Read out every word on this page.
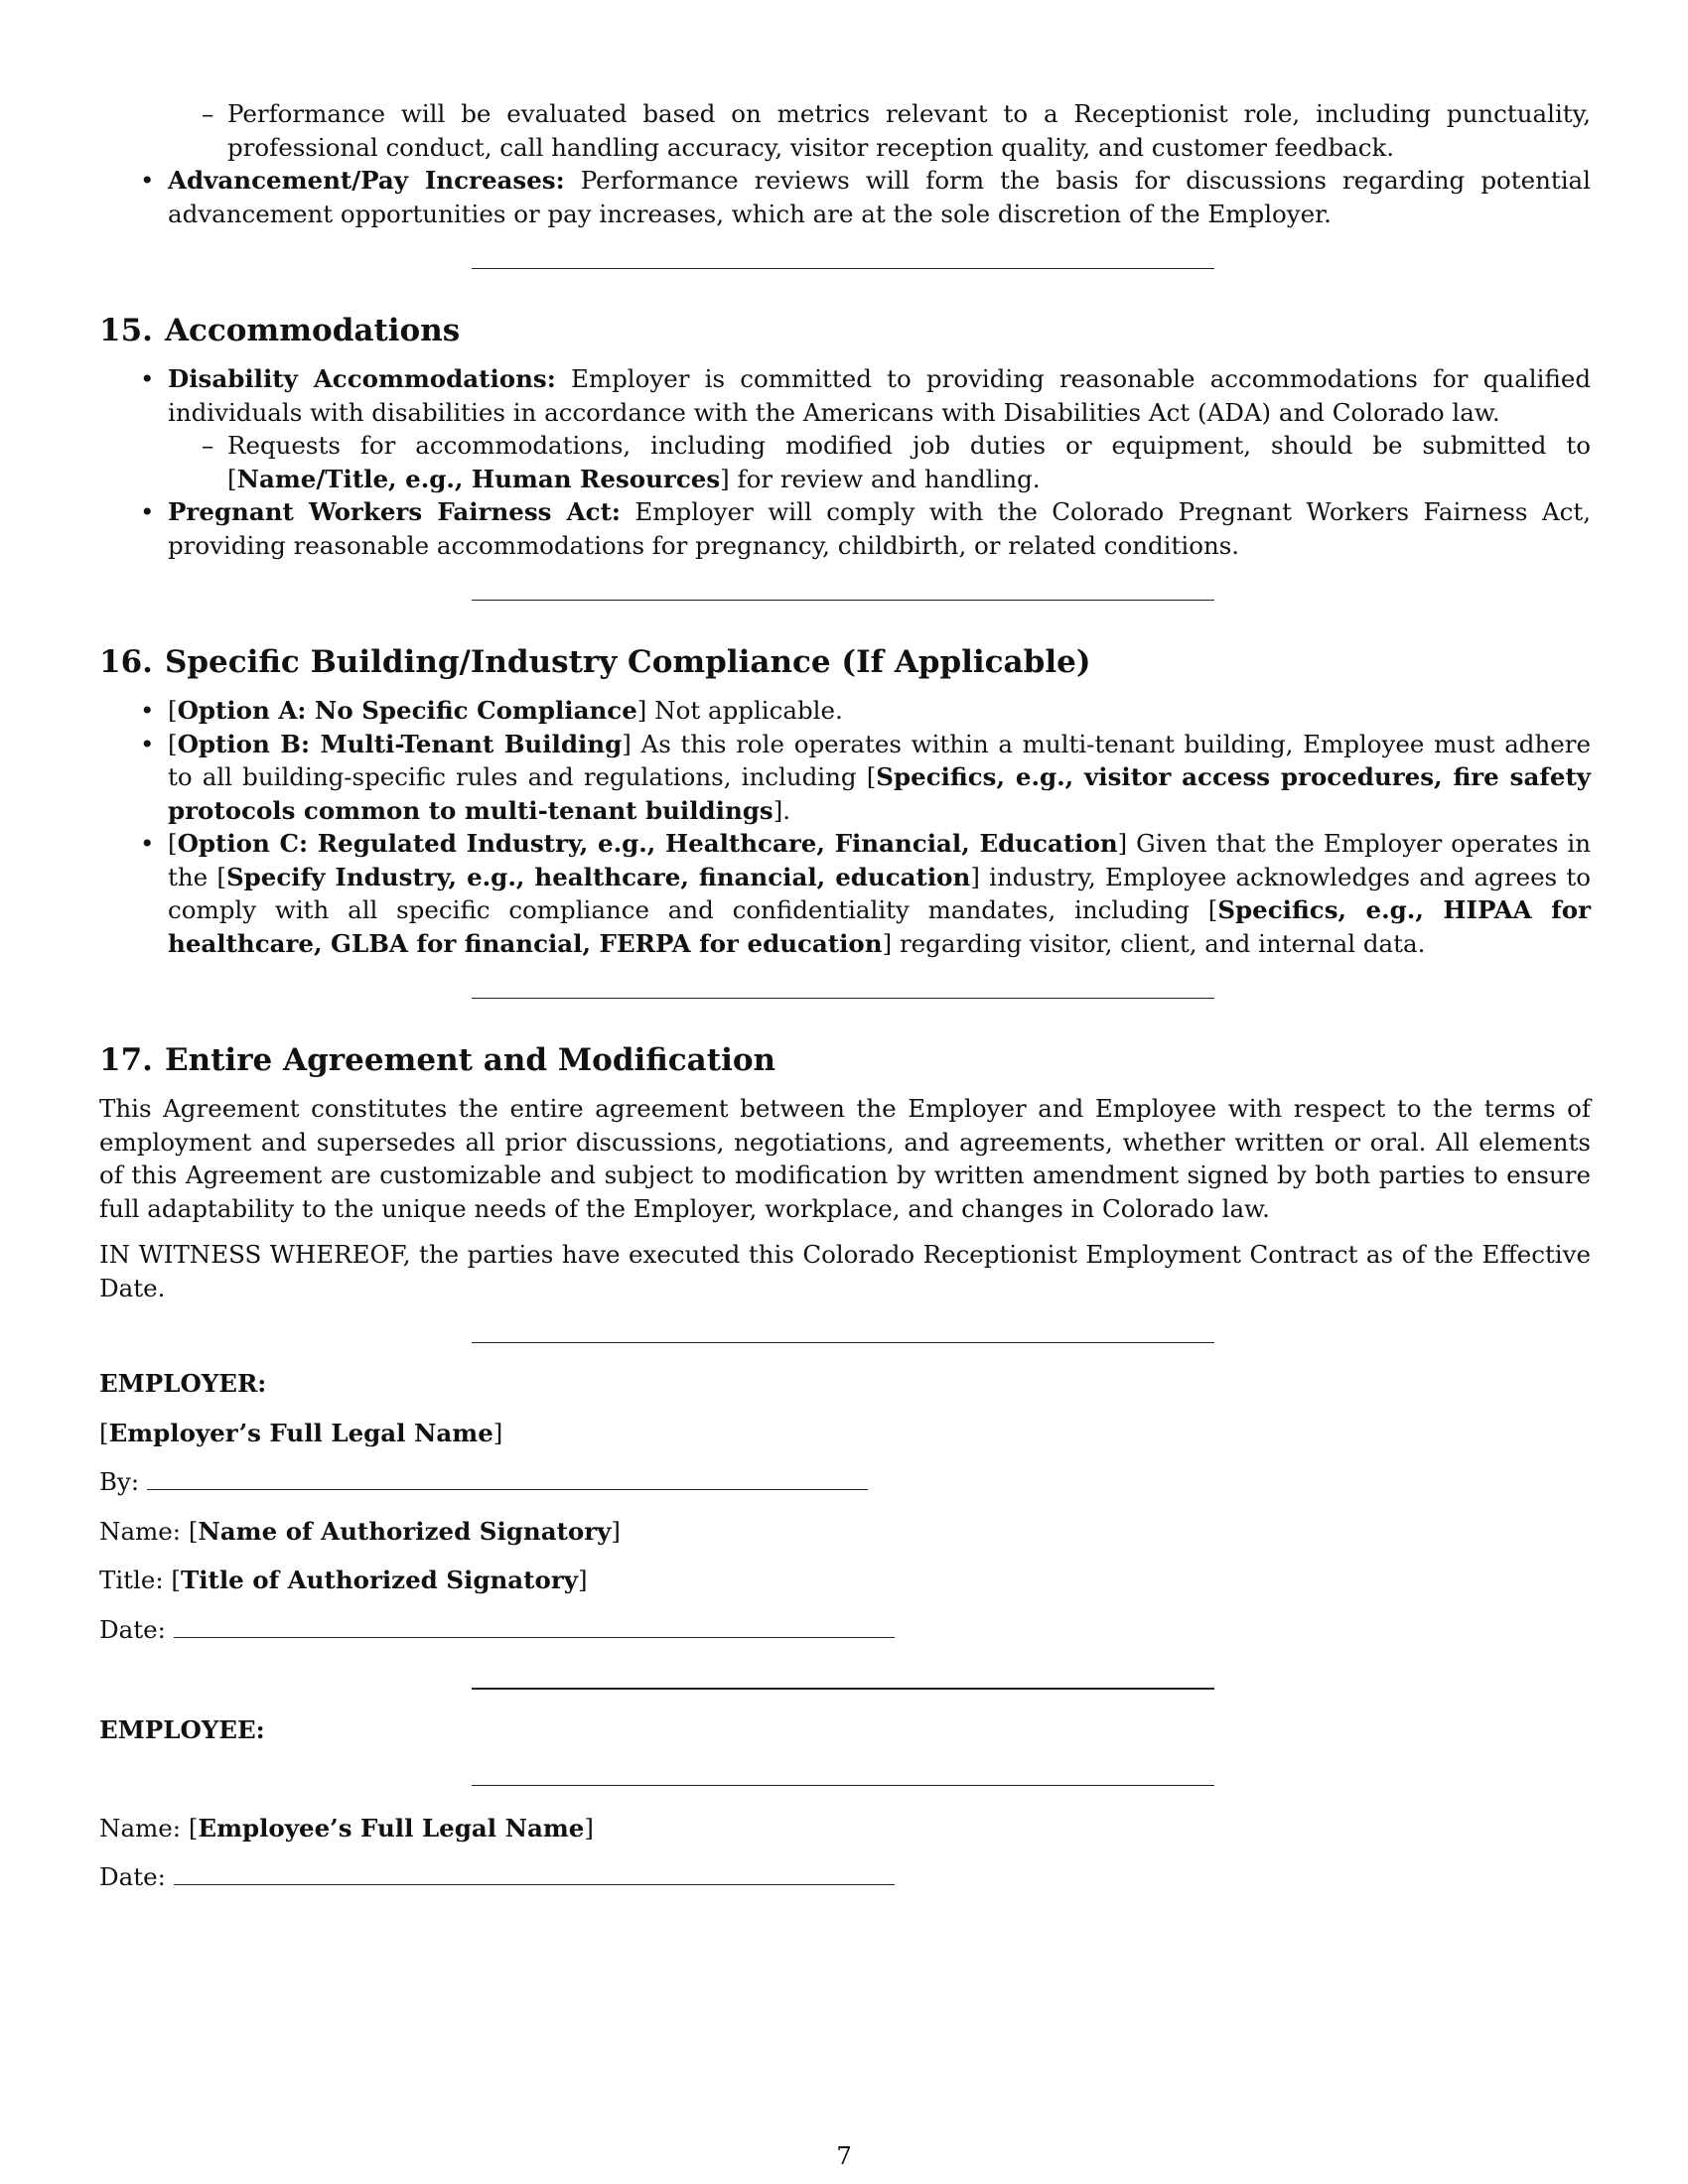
– Performance will be evaluated based on metrics relevant to a Receptionist role, including punctuality, professional conduct, call handling accuracy, visitor reception quality, and customer feedback.
• Advancement/Pay Increases: Performance reviews will form the basis for discussions regarding potential advancement opportunities or pay increases, which are at the sole discretion of the Employer.
15. Accommodations
• Disability Accommodations: Employer is committed to providing reasonable accommodations for qualified individuals with disabilities in accordance with the Americans with Disabilities Act (ADA) and Colorado law.
– Requests for accommodations, including modified job duties or equipment, should be submitted to [Name/Title, e.g., Human Resources] for review and handling.
• Pregnant Workers Fairness Act: Employer will comply with the Colorado Pregnant Workers Fairness Act, providing reasonable accommodations for pregnancy, childbirth, or related conditions.
16. Specific Building/Industry Compliance (If Applicable)
• [Option A: No Specific Compliance] Not applicable.
• [Option B: Multi-Tenant Building] As this role operates within a multi-tenant building, Employee must adhere to all building-specific rules and regulations, including [Specifics, e.g., visitor access procedures, fire safety protocols common to multi-tenant buildings].
• [Option C: Regulated Industry, e.g., Healthcare, Financial, Education] Given that the Employer operates in the [Specify Industry, e.g., healthcare, financial, education] industry, Employee acknowledges and agrees to comply with all specific compliance and confidentiality mandates, including [Specifics, e.g., HIPAA for healthcare, GLBA for financial, FERPA for education] regarding visitor, client, and internal data.
17. Entire Agreement and Modification

This Agreement constitutes the entire agreement between the Employer and Employee with respect to the terms of employment and supersedes all prior discussions, negotiations, and agreements, whether written or oral. All elements of this Agreement are customizable and subject to modification by written amendment signed by both parties to ensure full adaptability to the unique needs of the Employer, workplace, and changes in Colorado law.

IN WITNESS WHEREOF, the parties have executed this Colorado Receptionist Employment Contract as of the Effective Date.

EMPLOYER:

[Employer’s Full Legal Name]

By:

Name: [Name of Authorized Signatory]

Title: [Title of Authorized Signatory]

Date:

EMPLOYEE:

Name: [Employee’s Full Legal Name]

Date:

7
